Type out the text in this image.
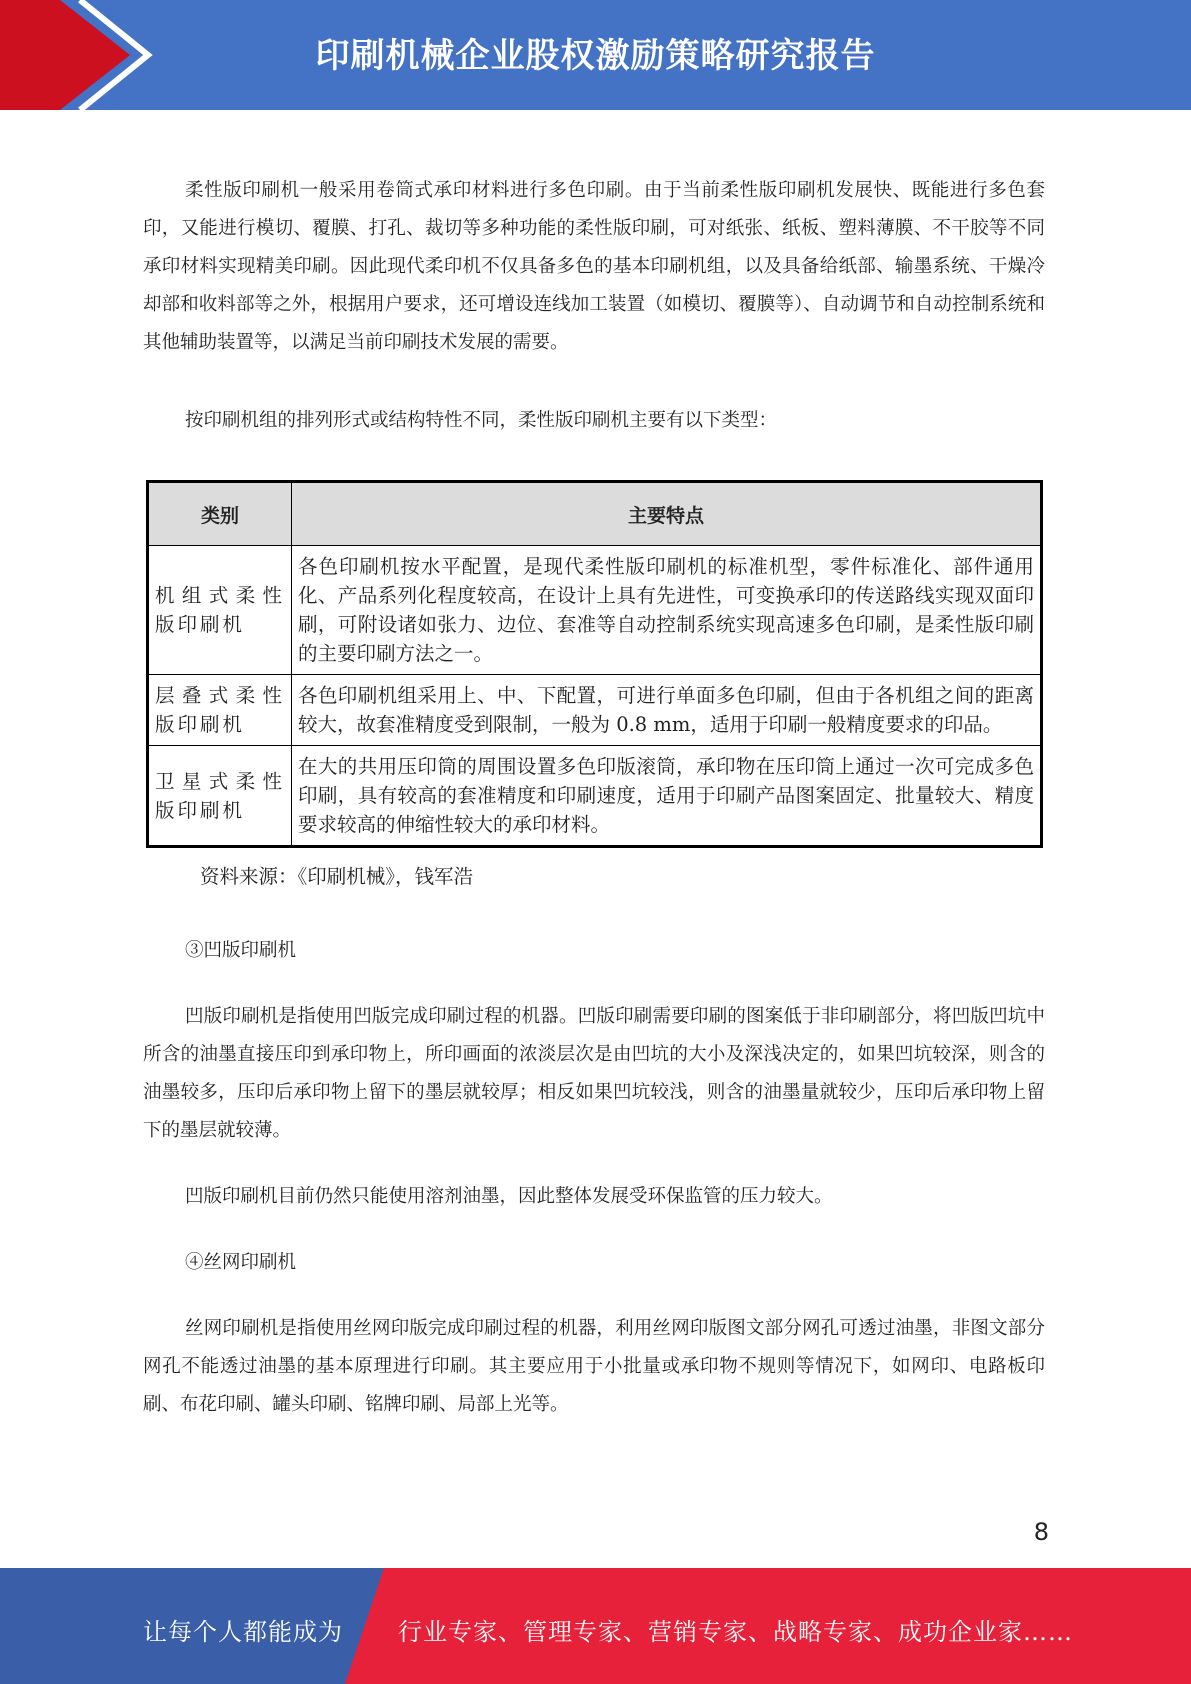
印刷机械企业股权激励策略研究报告

柔性版印刷机一般采用卷筒式承印材料进行多色印刷。由于当前柔性版印刷机发展快、既能进行多色套印，又能进行模切、覆膜、打孔、裁切等多种功能的柔性版印刷，可对纸张、纸板、塑料薄膜、不干胶等不同承印材料实现精美印刷。因此现代柔印机不仅具备多色的基本印刷机组，以及具备给纸部、输墨系统、干燥冷却部和收料部等之外，根据用户要求，还可增设连线加工装置（如模切、覆膜等）、自动调节和自动控制系统和其他辅助装置等，以满足当前印刷技术发展的需要。

按印刷机组的排列形式或结构特性不同，柔性版印刷机主要有以下类型：

类别	主要特点
机组式柔性版印刷机	各色印刷机按水平配置，是现代柔性版印刷机的标准机型，零件标准化、部件通用化、产品系列化程度较高，在设计上具有先进性，可变换承印的传送路线实现双面印刷，可附设诸如张力、边位、套准等自动控制系统实现高速多色印刷，是柔性版印刷的主要印刷方法之一。
层叠式柔性版印刷机	各色印刷机组采用上、中、下配置，可进行单面多色印刷，但由于各机组之间的距离较大，故套准精度受到限制，一般为 0.8 mm，适用于印刷一般精度要求的印品。
卫星式柔性版印刷机	在大的共用压印筒的周围设置多色印版滚筒，承印物在压印筒上通过一次可完成多色印刷，具有较高的套准精度和印刷速度，适用于印刷产品图案固定、批量较大、精度要求较高的伸缩性较大的承印材料。
资料来源：《印刷机械》，钱军浩
③凹版印刷机

凹版印刷机是指使用凹版完成印刷过程的机器。凹版印刷需要印刷的图案低于非印刷部分，将凹版凹坑中所含的油墨直接压印到承印物上，所印画面的浓淡层次是由凹坑的大小及深浅决定的，如果凹坑较深，则含的油墨较多，压印后承印物上留下的墨层就较厚；相反如果凹坑较浅，则含的油墨量就较少，压印后承印物上留下的墨层就较薄。

凹版印刷机目前仍然只能使用溶剂油墨，因此整体发展受环保监管的压力较大。

④丝网印刷机

丝网印刷机是指使用丝网印版完成印刷过程的机器，利用丝网印版图文部分网孔可透过油墨，非图文部分网孔不能透过油墨的基本原理进行印刷。其主要应用于小批量或承印物不规则等情况下，如网印、电路板印刷、布花印刷、罐头印刷、铭牌印刷、局部上光等。

8
让每个人都能成为 行业专家、管理专家、营销专家、战略专家、成功企业家……
